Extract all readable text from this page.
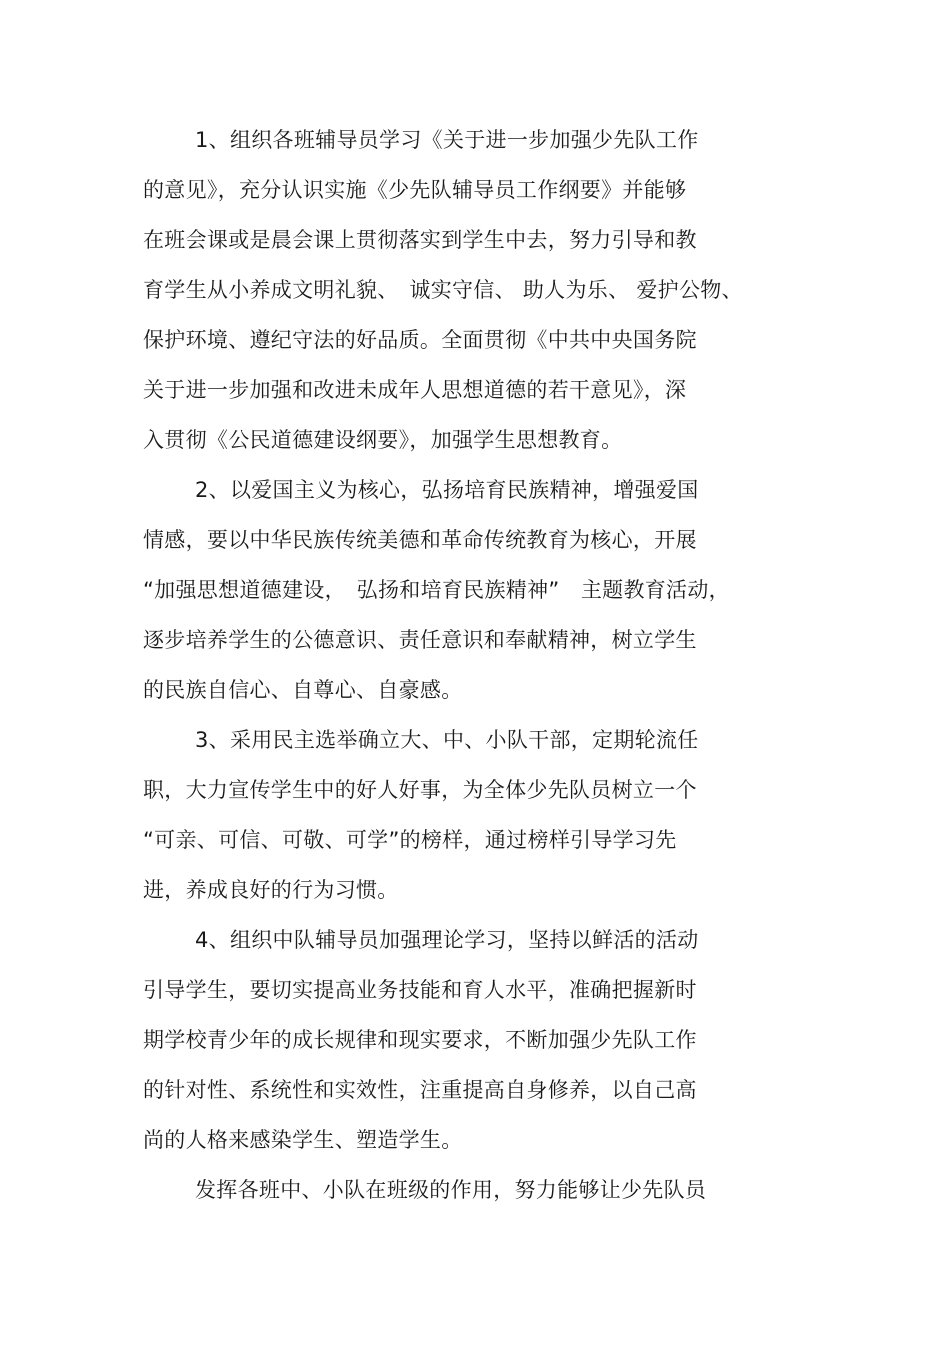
1、组织各班辅导员学习《关于进一步加强少先队工作
的意见》，充分认识实施《少先队辅导员工作纲要》并能够
在班会课或是晨会课上贯彻落实到学生中去，努力引导和教
育学生从小养成文明礼貌、　诚实守信、 助人为乐、 爱护公物、
保护环境、遵纪守法的好品质。全面贯彻《中共中央国务院
关于进一步加强和改进未成年人思想道德的若干意见》，深
入贯彻《公民道德建设纲要》，加强学生思想教育。
2、以爱国主义为核心，弘扬培育民族精神，增强爱国
情感，要以中华民族传统美德和革命传统教育为核心，开展
“加强思想道德建设，　弘扬和培育民族精神”　主题教育活动，
逐步培养学生的公德意识、责任意识和奉献精神，树立学生
的民族自信心、自尊心、自豪感。
3、采用民主选举确立大、中、小队干部，定期轮流任
职，大力宣传学生中的好人好事，为全体少先队员树立一个
“可亲、可信、可敬、可学”的榜样，通过榜样引导学习先
进，养成良好的行为习惯。
4、组织中队辅导员加强理论学习，坚持以鲜活的活动
引导学生，要切实提高业务技能和育人水平，准确把握新时
期学校青少年的成长规律和现实要求，不断加强少先队工作
的针对性、系统性和实效性，注重提高自身修养，以自己高
尚的人格来感染学生、塑造学生。
发挥各班中、小队在班级的作用，努力能够让少先队员
